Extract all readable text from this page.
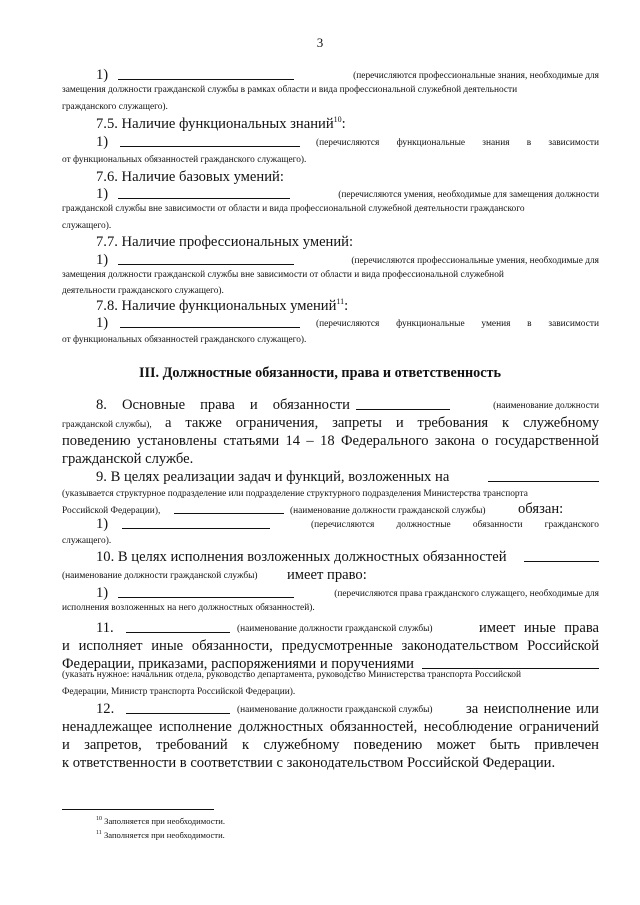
3
1)	(перечисляются профессиональные знания, необходимые для
замещения должности гражданской службы в рамках области и вида профессиональной служебной деятельности
гражданского служащего).
7.5. Наличие функциональных знаний$^{10}$:
1)	(перечисляются функциональные знания в зависимости
от функциональных обязанностей гражданского служащего).
7.6. Наличие базовых умений:
1)	(перечисляются умения, необходимые для замещения должности
гражданской службы вне зависимости от области и вида профессиональной служебной деятельности гражданского
служащего).
7.7. Наличие профессиональных умений:
1)	(перечисляются профессиональные умения, необходимые для
замещения должности гражданской службы вне зависимости от области и вида профессиональной служебной
деятельности гражданского служащего).
7.8. Наличие функциональных умений$^{11}$:
1)	(перечисляются функциональные умения в зависимости
от функциональных обязанностей гражданского служащего).
III. Должностные обязанности, права и ответственность
8. Основные права и обязанности	(наименование должности
гражданской службы), а также ограничения, запреты и требования к служебному
поведению установлены статьями 14 – 18 Федерального закона о государственной
гражданской службе.
9. В целях реализации задач и функций, возложенных на
(указывается структурное подразделение или подразделение структурного подразделения Министерства транспорта
Российской Федерации),	(наименование должности гражданской службы) обязан:
1)	(перечисляются должностные обязанности гражданского
служащего).
10. В целях исполнения возложенных должностных обязанностей
(наименование должности гражданской службы) имеет право:
1)	(перечисляются права гражданского служащего, необходимые для
исполнения возложенных на него должностных обязанностей).
11.	(наименование должности гражданской службы)	имеет иные права
и исполняет иные обязанности, предусмотренные законодательством Российской
Федерации, приказами, распоряжениями и поручениями
(указать нужное: начальник отдела, руководство департамента, руководство Министерства транспорта Российской
Федерации, Министр транспорта Российской Федерации).
12.	(наименование должности гражданской службы) за неисполнение или
ненадлежащее исполнение должностных обязанностей, несоблюдение ограничений
и запретов, требований к служебному поведению может быть привлечен
к ответственности в соответствии с законодательством Российской Федерации.
$^{10}$ Заполняется при необходимости.
$^{11}$ Заполняется при необходимости.
